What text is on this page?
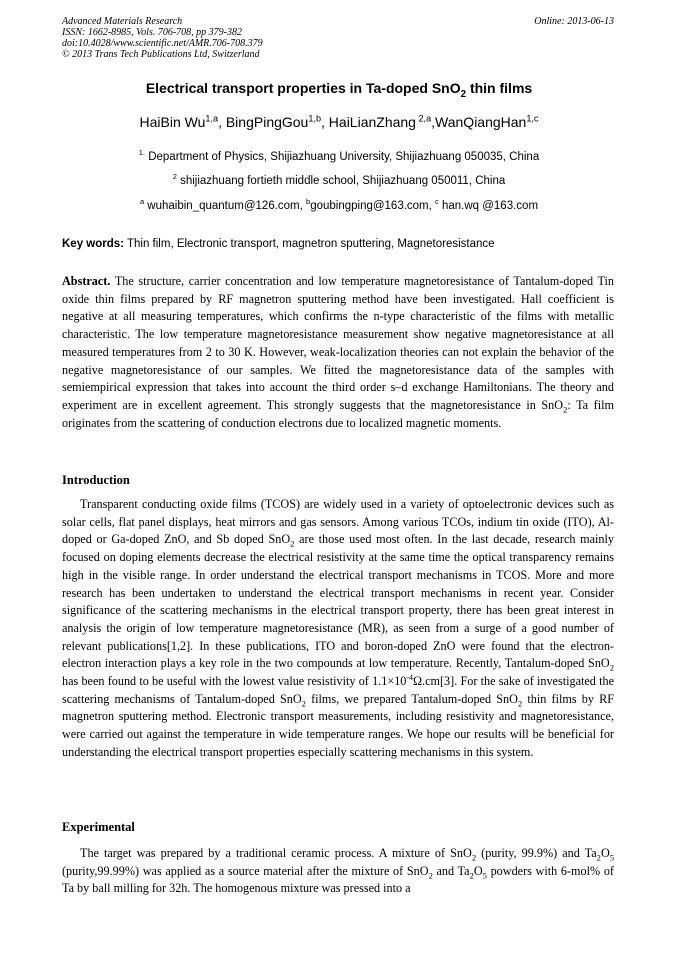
Advanced Materials Research
ISSN: 1662-8985, Vols. 706-708, pp 379-382
doi:10.4028/www.scientific.net/AMR.706-708.379
© 2013 Trans Tech Publications Ltd, Switzerland
Online: 2013-06-13
Electrical transport properties in Ta-doped SnO$_2$ thin films
HaiBin Wu$^{1,a}$, BingPingGou$^{1,b}$, HaiLianZhang $^{2,a}$,WanQiangHan$^{1,c}$
$^{1.}$ Department of Physics, Shijiazhuang University, Shijiazhuang 050035, China
$^2$ shijiazhuang fortieth middle school, Shijiazhuang 050011, China
$^a$ wuhaibin_quantum@126.com, $^b$goubingping@163.com, $^c$ han.wq @163.com
Key words: Thin film, Electronic transport, magnetron sputtering, Magnetoresistance

Abstract. The structure, carrier concentration and low temperature magnetoresistance of Tantalum-doped Tin oxide thin films prepared by RF magnetron sputtering method have been investigated. Hall coefficient is negative at all measuring temperatures, which confirms the n-type characteristic of the films with metallic characteristic. The low temperature magnetoresistance measurement show negative magnetoresistance at all measured temperatures from 2 to 30 K. However, weak-localization theories can not explain the behavior of the negative magnetoresistance of our samples. We fitted the magnetoresistance data of the samples with semiempirical expression that takes into account the third order s–d exchange Hamiltonians. The theory and experiment are in excellent agreement. This strongly suggests that the magnetoresistance in SnO$_2$: Ta film originates from the scattering of conduction electrons due to localized magnetic moments.

Introduction

Transparent conducting oxide films (TCOS) are widely used in a variety of optoelectronic devices such as solar cells, flat panel displays, heat mirrors and gas sensors. Among various TCOs, indium tin oxide (ITO), Al-doped or Ga-doped ZnO, and Sb doped SnO$_2$ are those used most often. In the last decade, research mainly focused on doping elements decrease the electrical resistivity at the same time the optical transparency remains high in the visible range. In order understand the electrical transport mechanisms in TCOS. More and more research has been undertaken to understand the electrical transport mechanisms in recent year. Consider significance of the scattering mechanisms in the electrical transport property, there has been great interest in analysis the origin of low temperature magnetoresistance (MR), as seen from a surge of a good number of relevant publications[1,2]. In these publications, ITO and boron-doped ZnO were found that the electron-electron interaction plays a key role in the two compounds at low temperature. Recently, Tantalum-doped SnO$_2$ has been found to be useful with the lowest value resistivity of $1.1\times 10^{-4}\Omega.cm[3]$. For the sake of investigated the scattering mechanisms of Tantalum-doped SnO$_2$ films, we prepared Tantalum-doped SnO$_2$ thin films by RF magnetron sputtering method. Electronic transport measurements, including resistivity and magnetoresistance, were carried out against the temperature in wide temperature ranges. We hope our results will be beneficial for understanding the electrical transport properties especially scattering mechanisms in this system.

Experimental

The target was prepared by a traditional ceramic process. A mixture of SnO$_2$ (purity, 99.9%) and $Ta_2O_5$ (purity,99.99%) was applied as a source material after the mixture of SnO$_2$ and $Ta_2O_5$ powders with 6-mol% of Ta by ball milling for 32h. The homogenous mixture was pressed into a
